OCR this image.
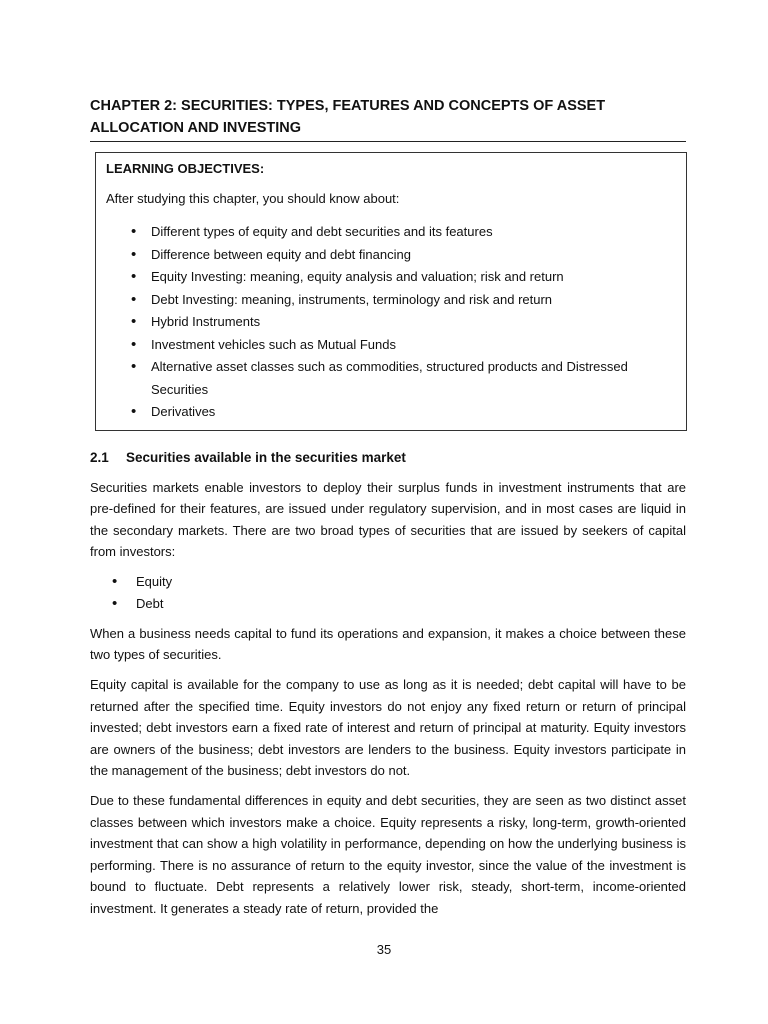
CHAPTER 2: SECURITIES: TYPES, FEATURES AND CONCEPTS OF ASSET ALLOCATION AND INVESTING
LEARNING OBJECTIVES:
After studying this chapter, you should know about:
• Different types of equity and debt securities and its features
• Difference between equity and debt financing
• Equity Investing: meaning, equity analysis and valuation; risk and return
• Debt Investing: meaning, instruments, terminology and risk and return
• Hybrid Instruments
• Investment vehicles such as Mutual Funds
• Alternative asset classes such as commodities, structured products and Distressed Securities
• Derivatives
2.1 Securities available in the securities market

Securities markets enable investors to deploy their surplus funds in investment instruments that are pre-defined for their features, are issued under regulatory supervision, and in most cases are liquid in the secondary markets. There are two broad types of securities that are issued by seekers of capital from investors:

• Equity
• Debt

When a business needs capital to fund its operations and expansion, it makes a choice between these two types of securities.

Equity capital is available for the company to use as long as it is needed; debt capital will have to be returned after the specified time. Equity investors do not enjoy any fixed return or return of principal invested; debt investors earn a fixed rate of interest and return of principal at maturity. Equity investors are owners of the business; debt investors are lenders to the business. Equity investors participate in the management of the business; debt investors do not.

Due to these fundamental differences in equity and debt securities, they are seen as two distinct asset classes between which investors make a choice. Equity represents a risky, long-term, growth-oriented investment that can show a high volatility in performance, depending on how the underlying business is performing. There is no assurance of return to the equity investor, since the value of the investment is bound to fluctuate. Debt represents a relatively lower risk, steady, short-term, income-oriented investment. It generates a steady rate of return, provided the

35
